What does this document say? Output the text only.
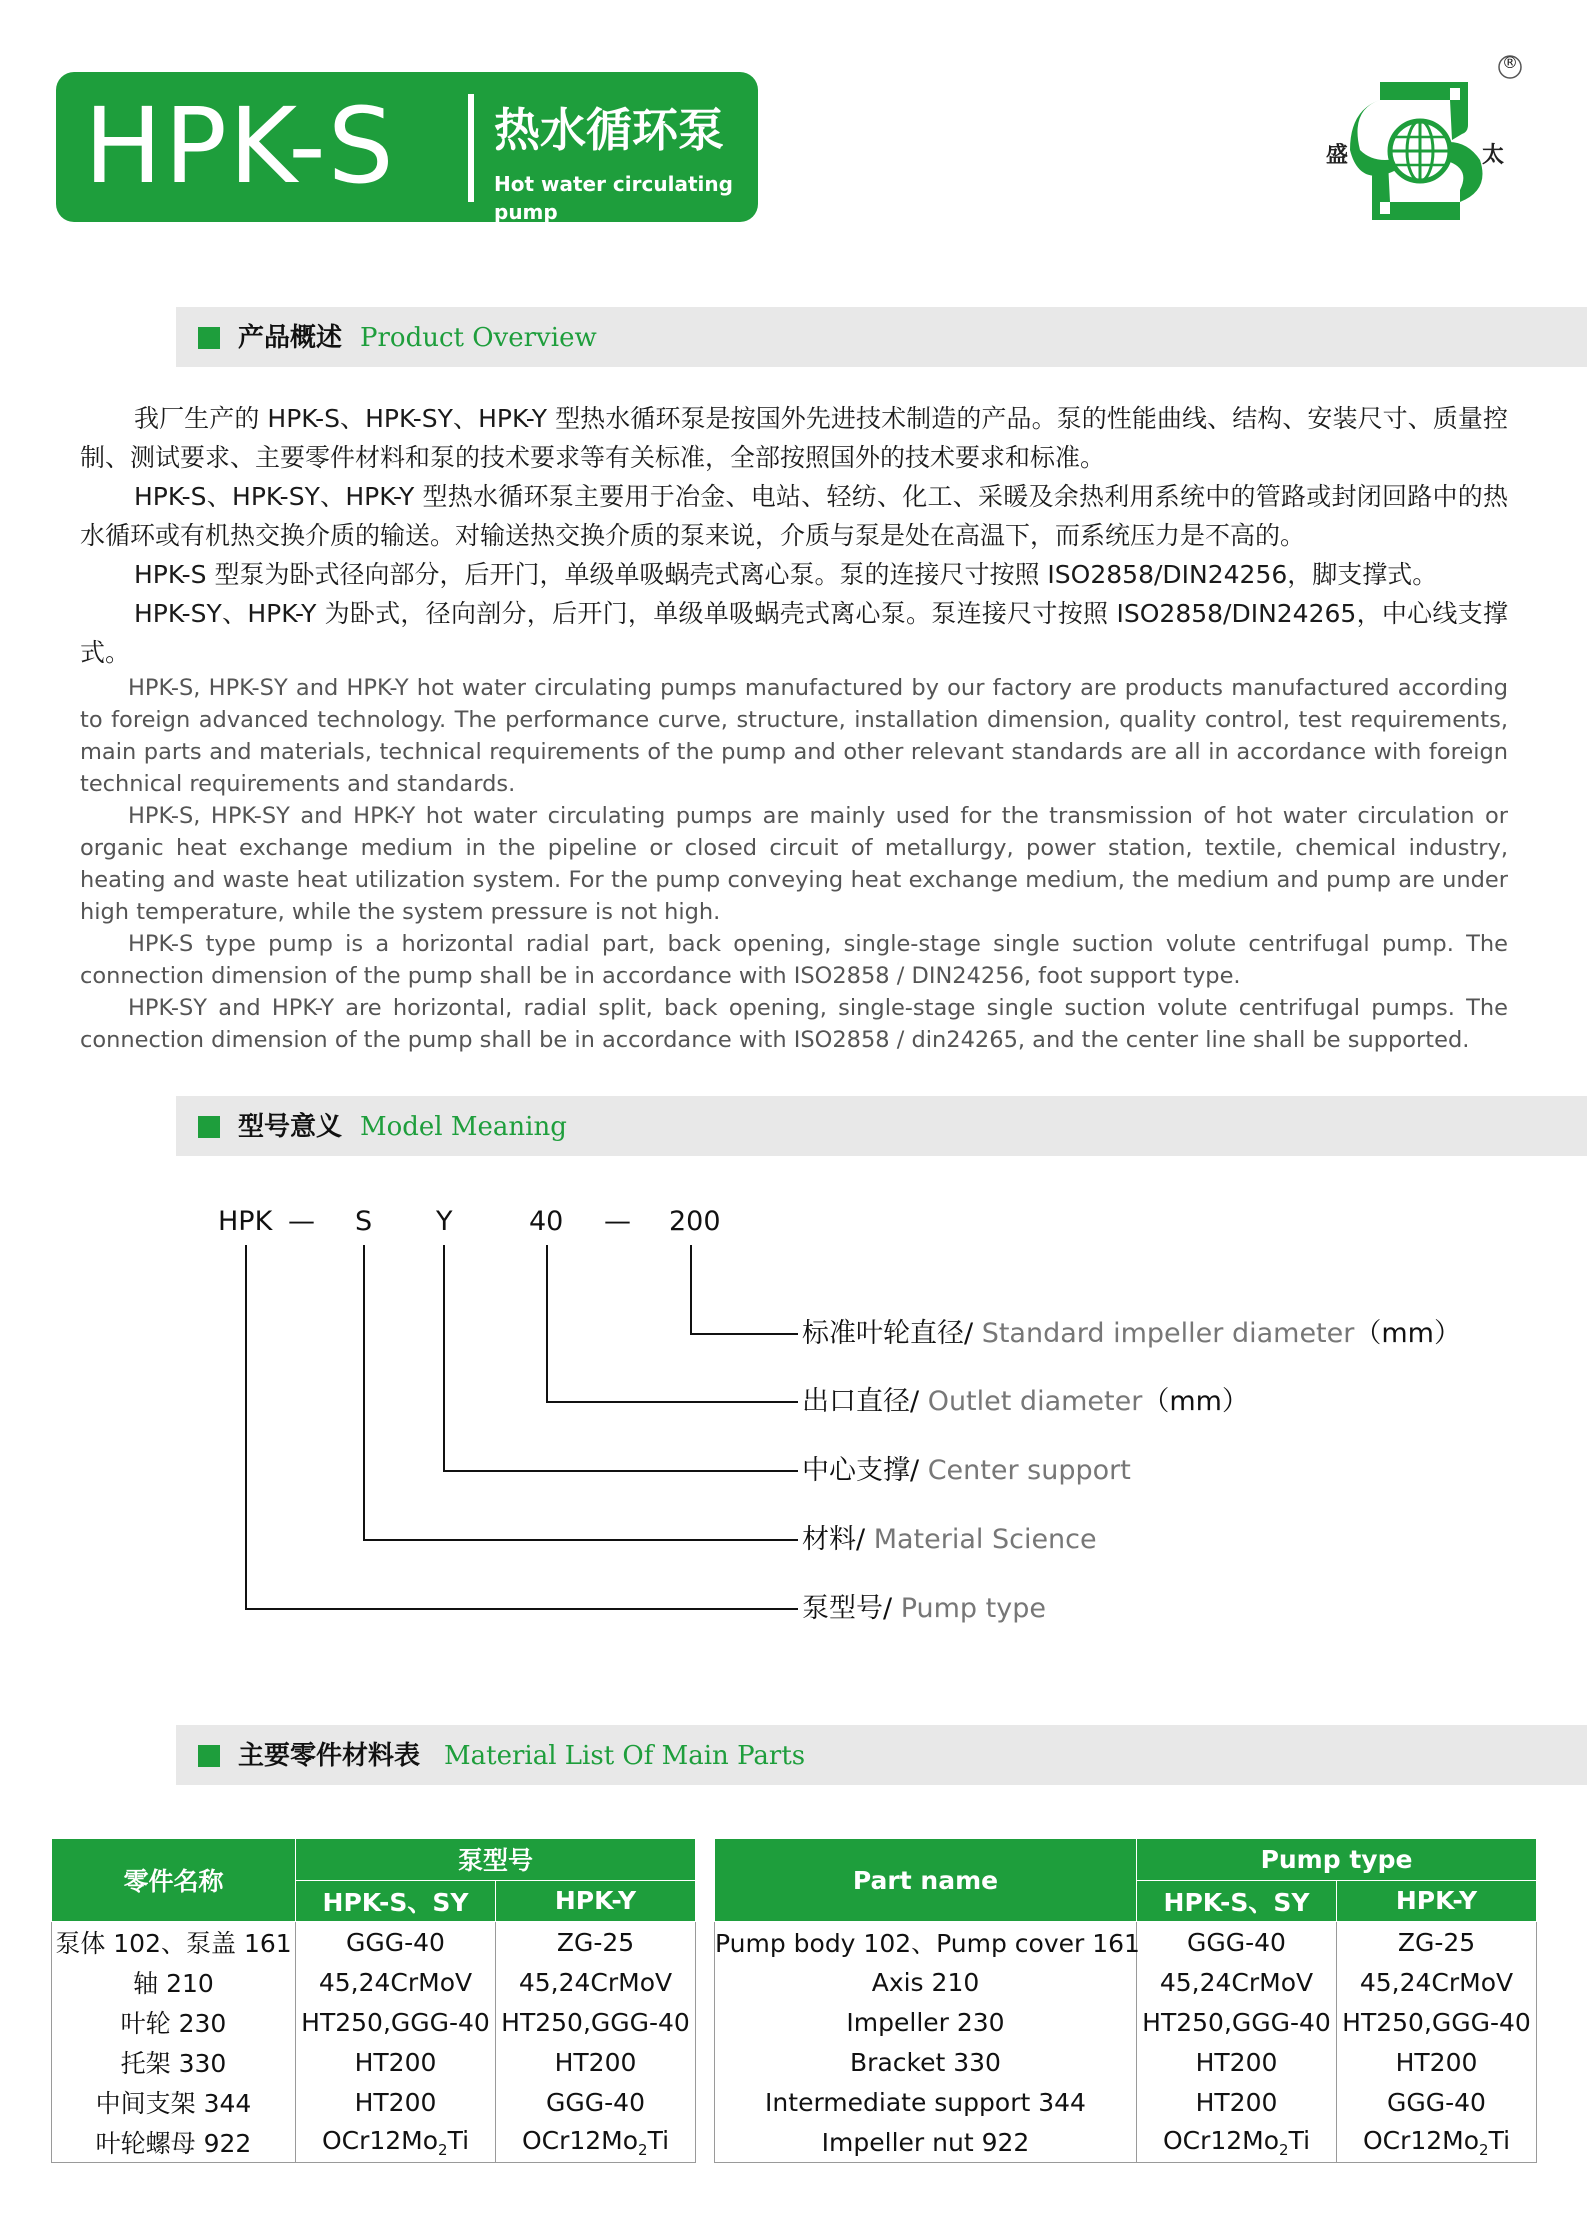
HPK-S 热水循环泵
Hot water circulating pump
®
盛	太
产品概述 Product Overview

我厂生产的 HPK-S、HPK-SY、HPK-Y 型热水循环泵是按国外先进技术制造的产品。泵的性能曲线、结构、安装尺寸、质量控制、测试要求、主要零件材料和泵的技术要求等有关标准，全部按照国外的技术要求和标准。

HPK-S、HPK-SY、HPK-Y 型热水循环泵主要用于冶金、电站、轻纺、化工、采暖及余热利用系统中的管路或封闭回路中的热水循环或有机热交换介质的输送。对输送热交换介质的泵来说，介质与泵是处在高温下，而系统压力是不高的。

HPK-S 型泵为卧式径向部分，后开门，单级单吸蜗壳式离心泵。泵的连接尺寸按照 ISO2858/DIN24256，脚支撑式。

HPK-SY、HPK-Y 为卧式，径向剖分，后开门，单级单吸蜗壳式离心泵。泵连接尺寸按照 ISO2858/DIN24265，中心线支撑式。

HPK-S, HPK-SY and HPK-Y hot water circulating pumps manufactured by our factory are products manufactured according to foreign advanced technology. The performance curve, structure, installation dimension, quality control, test requirements, main parts and materials, technical requirements of the pump and other relevant standards are all in accordance with foreign technical requirements and standards.

HPK-S, HPK-SY and HPK-Y hot water circulating pumps are mainly used for the transmission of hot water circulation or organic heat exchange medium in the pipeline or closed circuit of metallurgy, power station, textile, chemical industry, heating and waste heat utilization system. For the pump conveying heat exchange medium, the medium and pump are under high temperature, while the system pressure is not high.

HPK-S type pump is a horizontal radial part, back opening, single-stage single suction volute centrifugal pump. The connection dimension of the pump shall be in accordance with ISO2858 / DIN24256, foot support type.

HPK-SY and HPK-Y are horizontal, radial split, back opening, single-stage single suction volute centrifugal pumps. The connection dimension of the pump shall be in accordance with ISO2858 / din24265, and the center line shall be supported.

型号意义 Model Meaning
HPK — S Y	40 — 200
标准叶轮直径/ Standard impeller diameter（mm）
出口直径/ Outlet diameter（mm）
中心支撑/ Center support
材料/ Material Science
泵型号/ Pump type
主要零件材料表 Material List Of Main Parts
零件名称	泵型号	
	HPK-S、SY	HPK-Y
泵体 102、泵盖 161	GGG-40	ZG-25
轴 210	45,24CrMoV	45,24CrMoV
叶轮 230	HT250,GGG-40	HT250,GGG-40
托架 330	HT200	HT200
中间支架 344	HT200	GGG-40
叶轮螺母 922	$OCr12Mo_2Ti$	$OCr12Mo_2Ti$
Part name	Pump type	
	HPK-S、SY	HPK-Y
Pump body 102、Pump cover 161	GGG-40	ZG-25
Axis 210	45,24CrMoV	45,24CrMoV
Impeller 230	HT250,GGG-40	HT250,GGG-40
Bracket 330	HT200	HT200
Intermediate support 344	HT200	GGG-40
Impeller nut 922	$OCr12Mo_2Ti$	$OCr12Mo_2Ti$
